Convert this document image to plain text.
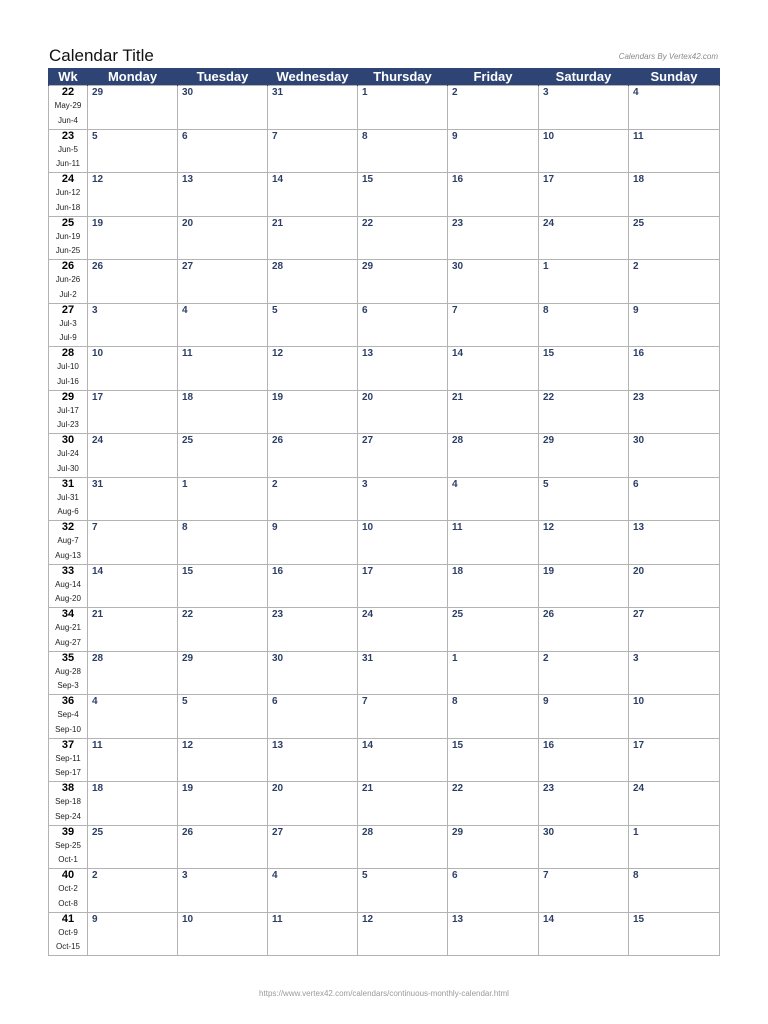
Calendar Title	Calendars By Vertex42.com
Wk	Monday	Tuesday	Wednesday	Thursday	Friday	Saturday	Sunday

22
May-29
Jun-4	29	30	31	1	2	3	4

23
Jun-5
Jun-11	5	6	7	8	9	10	11

24
Jun-12
Jun-18	12	13	14	15	16	17	18

25
Jun-19
Jun-25	19	20	21	22	23	24	25

26
Jun-26
Jul-2	26	27	28	29	30	1	2

27
Jul-3
Jul-9	3	4	5	6	7	8	9

28
Jul-10
Jul-16	10	11	12	13	14	15	16

29
Jul-17
Jul-23	17	18	19	20	21	22	23

30
Jul-24
Jul-30	24	25	26	27	28	29	30

31
Jul-31
Aug-6	31	1	2	3	4	5	6

32
Aug-7
Aug-13	7	8	9	10	11	12	13

33
Aug-14
Aug-20	14	15	16	17	18	19	20

34
Aug-21
Aug-27	21	22	23	24	25	26	27

35
Aug-28
Sep-3	28	29	30	31	1	2	3

36
Sep-4
Sep-10	4	5	6	7	8	9	10

37
Sep-11
Sep-17	11	12	13	14	15	16	17

38
Sep-18
Sep-24	18	19	20	21	22	23	24

39
Sep-25
Oct-1	25	26	27	28	29	30	1

40
Oct-2
Oct-8	2	3	4	5	6	7	8

41
Oct-9
Oct-15	9	10	11	12	13	14	15
https://www.vertex42.com/calendars/continuous-monthly-calendar.html
